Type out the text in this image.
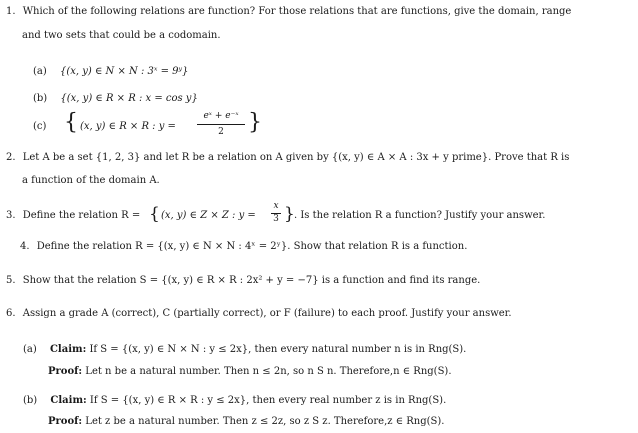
1. Which of the following relations are function? For those relations that are functions, give the domain, range
and two sets that could be a codomain.
(a) {(x, y) ∈ N × N : 3ˣ = 9ʸ}
(b) {(x, y) ∈ R × R : x = cos y}
(c) { (x, y) ∈ R × R : y =
eˣ + e⁻ˣ
2	}
2. Let A be a set {1, 2, 3} and let R be a relation on A given by {(x, y) ∈ A × A : 3x + y prime}. Prove that R is
a function of the domain A.
3. Define the relation R = { (x, y) ∈ Z × Z : y =
x
3 } . Is the relation R a function? Justify your answer.
4. Define the relation R = {(x, y) ∈ N × N : 4ˣ = 2ʸ}. Show that relation R is a function.
5. Show that the relation S = {(x, y) ∈ R × R : 2x² + y = −7} is a function and find its range.
6. Assign a grade A (correct), C (partially correct), or F (failure) to each proof. Justify your answer.
(a) Claim: If S = {(x, y) ∈ N × N : y ≤ 2x}, then every natural number n is in Rng(S).
Proof: Let n be a natural number. Then n ≤ 2n, so n S n. Therefore,n ∈ Rng(S).
(b) Claim: If S = {(x, y) ∈ R × R : y ≤ 2x}, then every real number z is in Rng(S).
Proof: Let z be a natural number. Then z ≤ 2z, so z S z. Therefore,z ∈ Rng(S).
